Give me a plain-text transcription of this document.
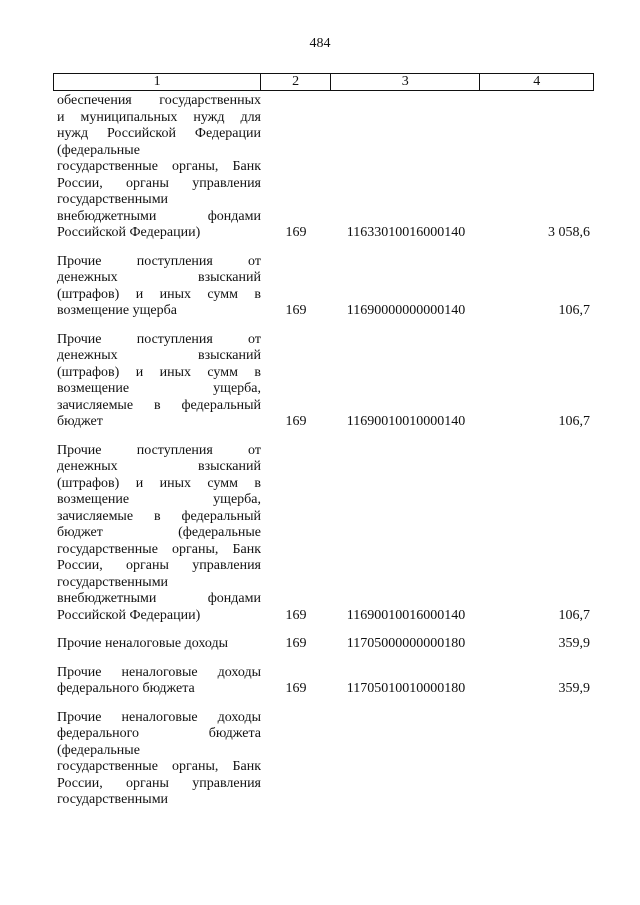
484
1	2	3	4
обеспечения государственных
и муниципальных нужд для
нужд Российской Федерации
(федеральные
государственные органы, Банк
России, органы управления
государственными
внебюджетными фондами
Российской Федерации)	169	11633010016000140	3 058,6
Прочие поступления от
денежных взысканий
(штрафов) и иных сумм в
возмещение ущерба	169	11690000000000140	106,7
Прочие поступления от
денежных взысканий
(штрафов) и иных сумм в
возмещение ущерба,
зачисляемые в федеральный
бюджет	169	11690010010000140	106,7
Прочие поступления от
денежных взысканий
(штрафов) и иных сумм в
возмещение ущерба,
зачисляемые в федеральный
бюджет (федеральные
государственные органы, Банк
России, органы управления
государственными
внебюджетными фондами
Российской Федерации)	169	11690010016000140	106,7
Прочие неналоговые доходы	169	11705000000000180	359,9
Прочие неналоговые доходы
федерального бюджета	169	11705010010000180	359,9
Прочие неналоговые доходы
федерального бюджета
(федеральные
государственные органы, Банк
России, органы управления
государственными
